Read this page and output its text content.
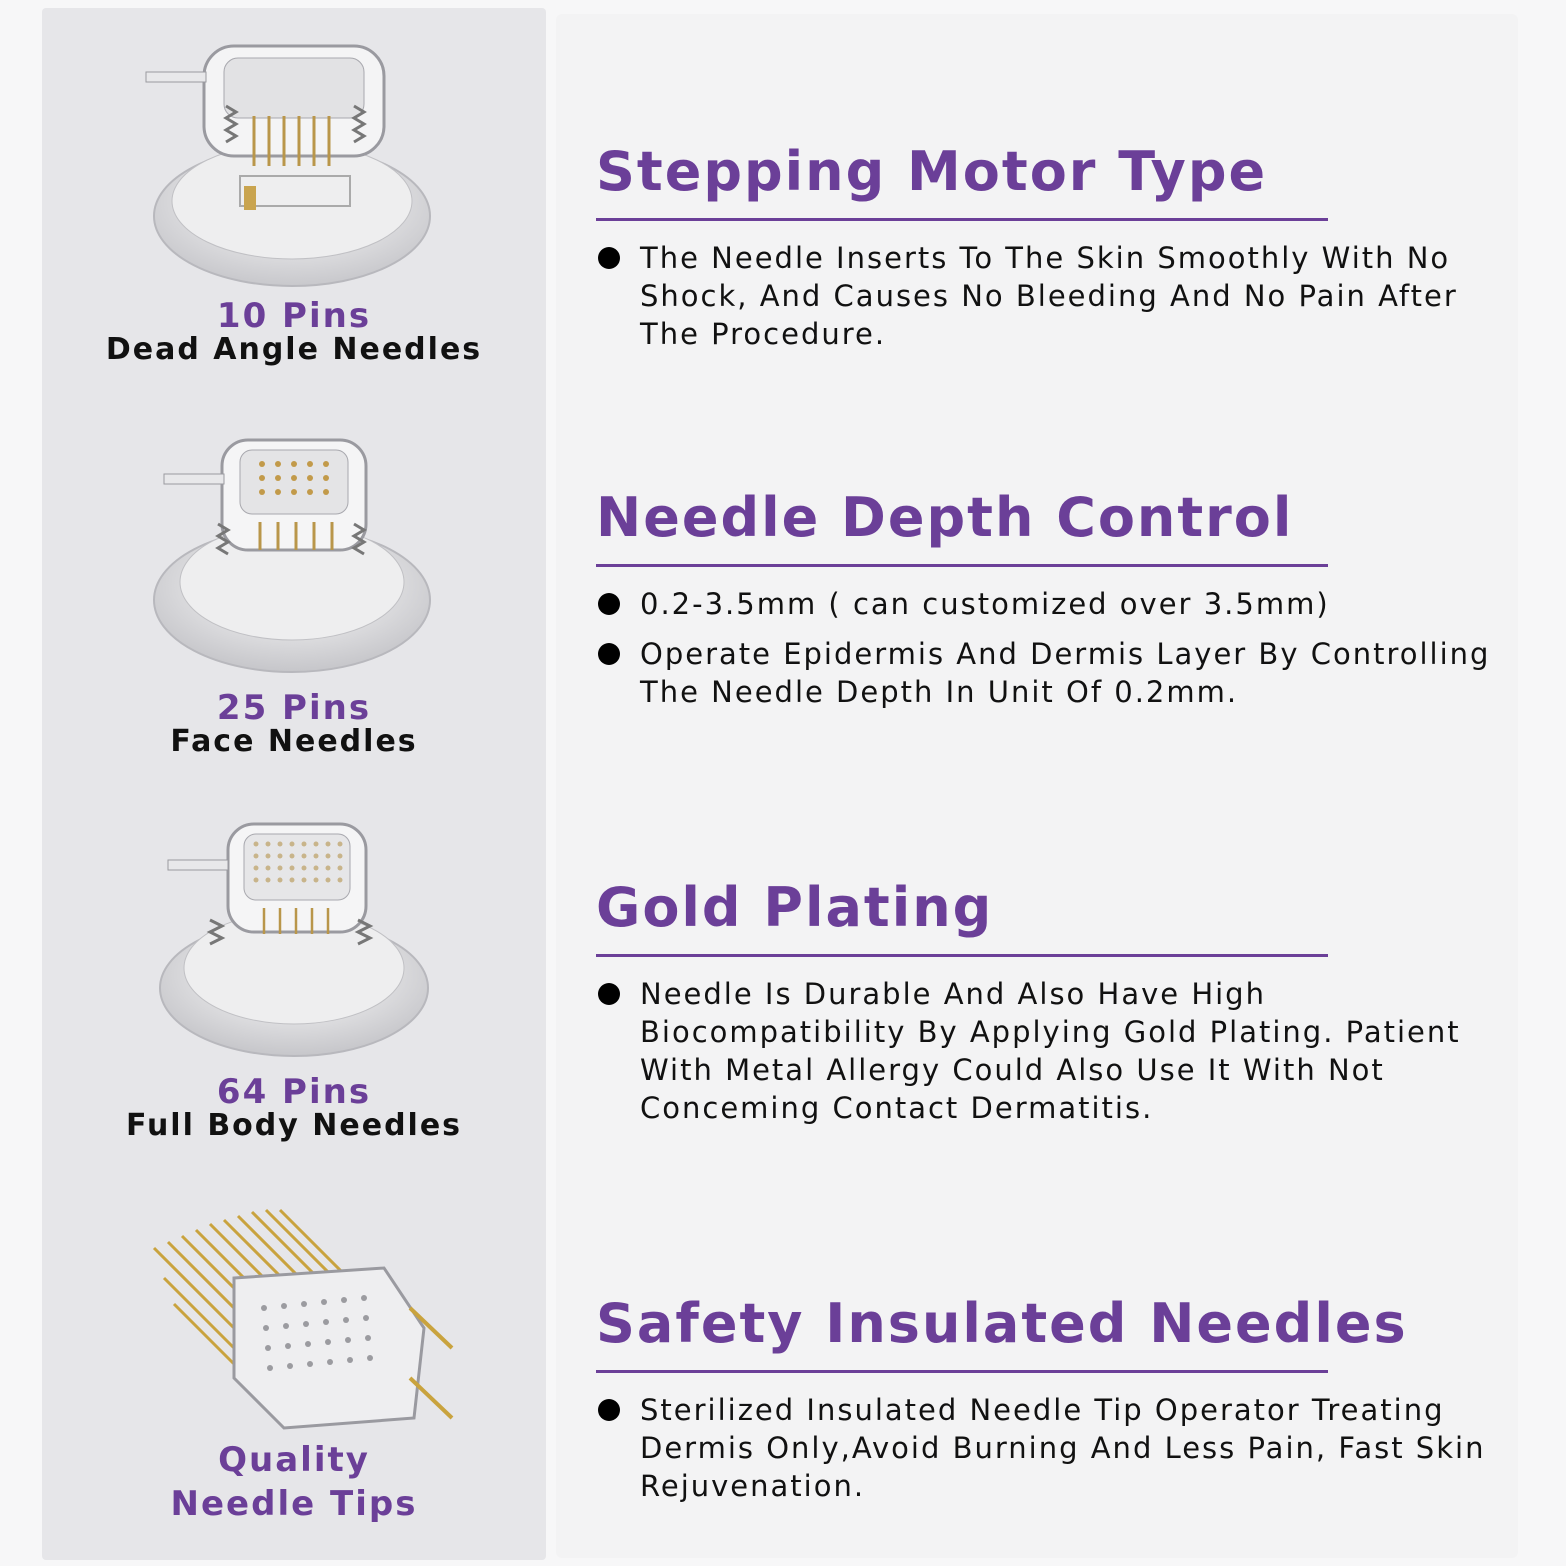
10 Pins
Dead Angle Needles
25 Pins
Face Needles
64 Pins
Full Body Needles
Quality
Needle Tips
Stepping Motor Type
The Needle Inserts To The Skin Smoothly With No Shock, And Causes No Bleeding And No Pain After The Procedure.
Needle Depth Control
0.2-3.5mm ( can customized over 3.5mm)
Operate Epidermis And Dermis Layer By Controlling The Needle Depth In Unit Of 0.2mm.
Gold Plating
Needle Is Durable And Also Have High Biocompatibility By Applying Gold Plating. Patient With Metal Allergy Could Also Use It With Not Conceming Contact Dermatitis.
Safety Insulated Needles
Sterilized Insulated Needle Tip Operator Treating Dermis Only,Avoid Burning And Less Pain, Fast Skin Rejuvenation.
